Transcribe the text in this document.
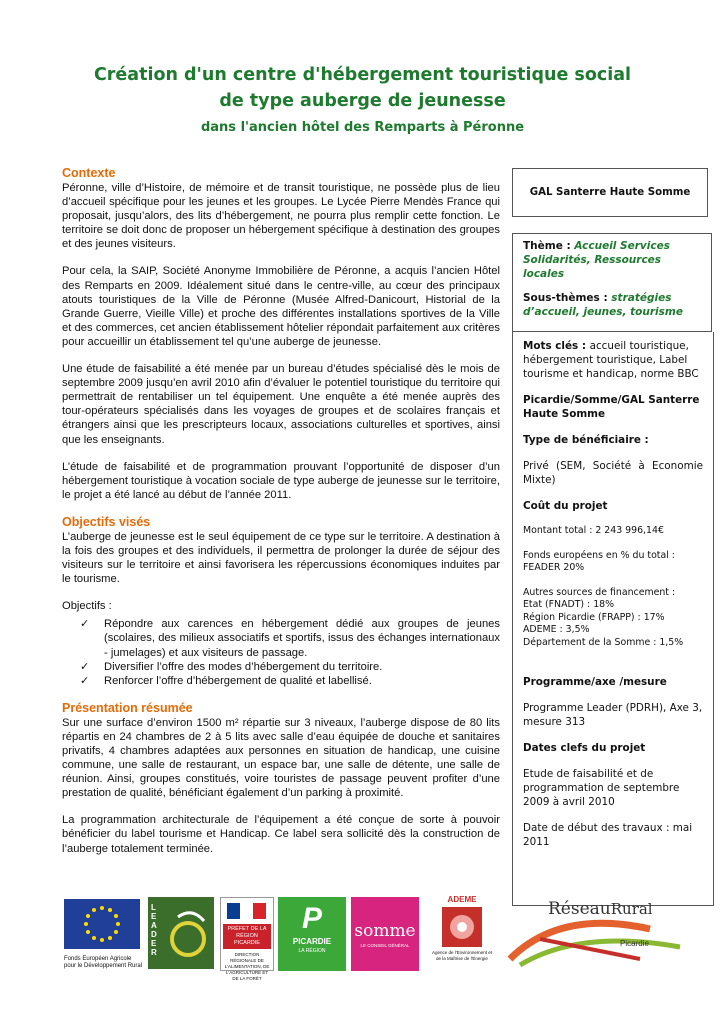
Création d'un centre d'hébergement touristique social
de type auberge de jeunesse
dans l'ancien hôtel des Remparts à Péronne
Contexte

Péronne, ville d’Histoire, de mémoire et de transit touristique, ne possède plus de lieu d’accueil spécifique pour les jeunes et les groupes. Le Lycée Pierre Mendès France qui proposait, jusqu’alors, des lits d’hébergement, ne pourra plus remplir cette fonction. Le territoire se doit donc de proposer un hébergement spécifique à destination des groupes et des jeunes visiteurs.

Pour cela, la SAIP, Société Anonyme Immobilière de Péronne, a acquis l’ancien Hôtel des Remparts en 2009. Idéalement situé dans le centre-ville, au cœur des principaux atouts touristiques de la Ville de Péronne (Musée Alfred-Danicourt, Historial de la Grande Guerre, Vieille Ville) et proche des différentes installations sportives de la Ville et des commerces, cet ancien établissement hôtelier répondait parfaitement aux critères pour accueillir un établissement tel qu’une auberge de jeunesse.

Une étude de faisabilité a été menée par un bureau d’études spécialisé dès le mois de septembre 2009 jusqu’en avril 2010 afin d’évaluer le potentiel touristique du territoire qui permettrait de rentabiliser un tel équipement. Une enquête a été menée auprès des tour-opérateurs spécialisés dans les voyages de groupes et de scolaires français et étrangers ainsi que les prescripteurs locaux, associations culturelles et sportives, ainsi que les enseignants.

L’étude de faisabilité et de programmation prouvant l’opportunité de disposer d’un hébergement touristique à vocation sociale de type auberge de jeunesse sur le territoire, le projet a été lancé au début de l’année 2011.

Objectifs visés

L’auberge de jeunesse est le seul équipement de ce type sur le territoire. A destination à la fois des groupes et des individuels, il permettra de prolonger la durée de séjour des visiteurs sur le territoire et ainsi favorisera les répercussions économiques induites par le tourisme.

Objectifs :

✓ Répondre aux carences en hébergement dédié aux groupes de jeunes (scolaires, des milieux associatifs et sportifs, issus des échanges internationaux - jumelages) et aux visiteurs de passage.
✓ Diversifier l’offre des modes d’hébergement du territoire.
✓ Renforcer l’offre d’hébergement de qualité et labellisé.
Présentation résumée

Sur une surface d’environ 1500 m² répartie sur 3 niveaux, l’auberge dispose de 80 lits répartis en 24 chambres de 2 à 5 lits avec salle d’eau équipée de douche et sanitaires privatifs, 4 chambres adaptées aux personnes en situation de handicap, une cuisine commune, une salle de restaurant, un espace bar, une salle de détente, une salle de réunion. Ainsi, groupes constitués, voire touristes de passage peuvent profiter d’une prestation de qualité, bénéficiant également d’un parking à proximité.

La programmation architecturale de l’équipement a été conçue de sorte à pouvoir bénéficier du label tourisme et Handicap. Ce label sera sollicité dès la construction de l’auberge totalement terminée.

GAL Santerre Haute Somme
Thème : Accueil Services Solidarités, Ressources locales
Sous-thèmes : stratégies d’accueil, jeunes, tourisme
Mots clés : accueil touristique, hébergement touristique, Label tourisme et handicap, norme BBC
Picardie/Somme/GAL Santerre Haute Somme
Type de bénéficiaire :
Privé (SEM, Société à Economie Mixte)
Coût du projet
Montant total : 2 243 996,14€
Fonds européens en % du total : FEADER 20%
Autres sources de financement :
Etat (FNADT) : 18%
Région Picardie (FRAPP) : 17%
ADEME : 3,5%
Département de la Somme : 1,5%
Programme/axe /mesure
Programme Leader (PDRH), Axe 3, mesure 313
Dates clefs du projet
Etude de faisabilité et de programmation de septembre 2009 à avril 2010
Date de début des travaux : mai 2011
Fonds Européen Agricole pour le Développement Rural
LEADER
PRÉFET DE LA RÉGION PICARDIE
DIRECTION RÉGIONALE DE L'ALIMENTATION, DE L'AGRICULTURE ET DE LA FORÊT
P
PICARDIE
LA RÉGION
somme
LE CONSEIL GÉNÉRAL
ADEME
Agence de l'Environnement et de la Maîtrise de l'Énergie
RéseauRural
Picardie
